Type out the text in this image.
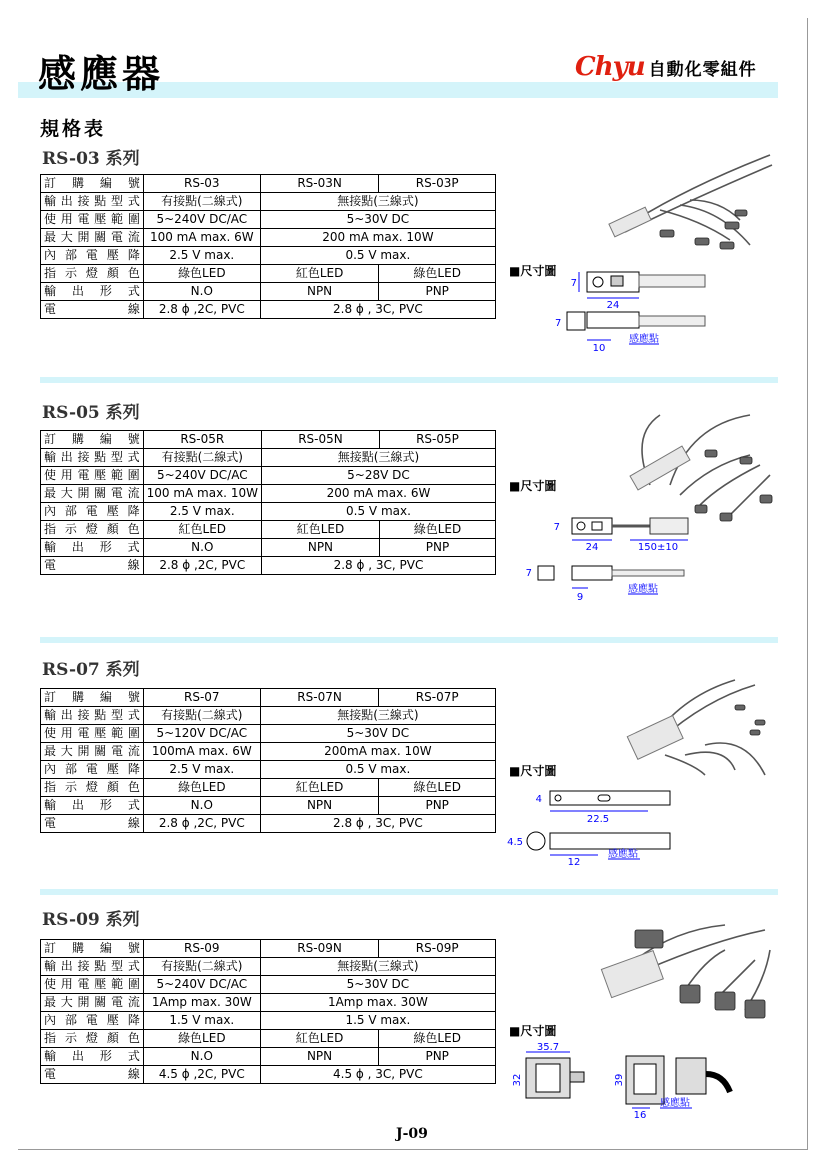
感應器	Chyu 自動化零組件
規格表
RS-03 系列
訂購編號	RS-03	RS-03N	RS-03P
輸出接點型式	有接點(二線式)	無接點(三線式)	
使用電壓範圍	5~240V DC/AC	5~30V DC	
最大開關電流	100 mA max. 6W	200 mA max. 10W	
內部電壓降	2.5 V max.	0.5 V max.	
指示燈顏色	綠色LED	紅色LED	綠色LED
輸出形式	N.O	NPN	PNP
電　　線	2.8 ϕ ,2C, PVC	2.8 ϕ , 3C, PVC	
■尺寸圖
RS-05 系列
訂購編號	RS-05R	RS-05N	RS-05P
輸出接點型式	有接點(二線式)	無接點(三線式)	
使用電壓範圍	5~240V DC/AC	5~28V DC	
最大開關電流	100 mA max. 10W	200 mA max. 6W	
內部電壓降	2.5 V max.	0.5 V max.	
指示燈顏色	紅色LED	紅色LED	綠色LED
輸出形式	N.O	NPN	PNP
電　　線	2.8 ϕ ,2C, PVC	2.8 ϕ , 3C, PVC	
■尺寸圖
RS-07 系列
訂購編號	RS-07	RS-07N	RS-07P
輸出接點型式	有接點(二線式)	無接點(三線式)	
使用電壓範圍	5~120V DC/AC	5~30V DC	
最大開關電流	100mA max. 6W	200mA max. 10W	
內部電壓降	2.5 V max.	0.5 V max.	
指示燈顏色	綠色LED	紅色LED	綠色LED
輸出形式	N.O	NPN	PNP
電　　線	2.8 ϕ ,2C, PVC	2.8 ϕ , 3C, PVC	
■尺寸圖
RS-09 系列
訂購編號	RS-09	RS-09N	RS-09P
輸出接點型式	有接點(二線式)	無接點(三線式)	
使用電壓範圍	5~240V DC/AC	5~30V DC	
最大開關電流	1Amp max. 30W	1Amp max. 30W	
內部電壓降	1.5 V max.	1.5 V max.	
指示燈顏色	綠色LED	紅色LED	綠色LED
輸出形式	N.O	NPN	PNP
電　　線	4.5 ϕ ,2C, PVC	4.5 ϕ , 3C, PVC	
■尺寸圖
7
24
7
10
感應點
7
24	150±10
7
9
感應點
4
22.5
4.5
12
感應點
35.7
32	39
16
感應點
J-09
